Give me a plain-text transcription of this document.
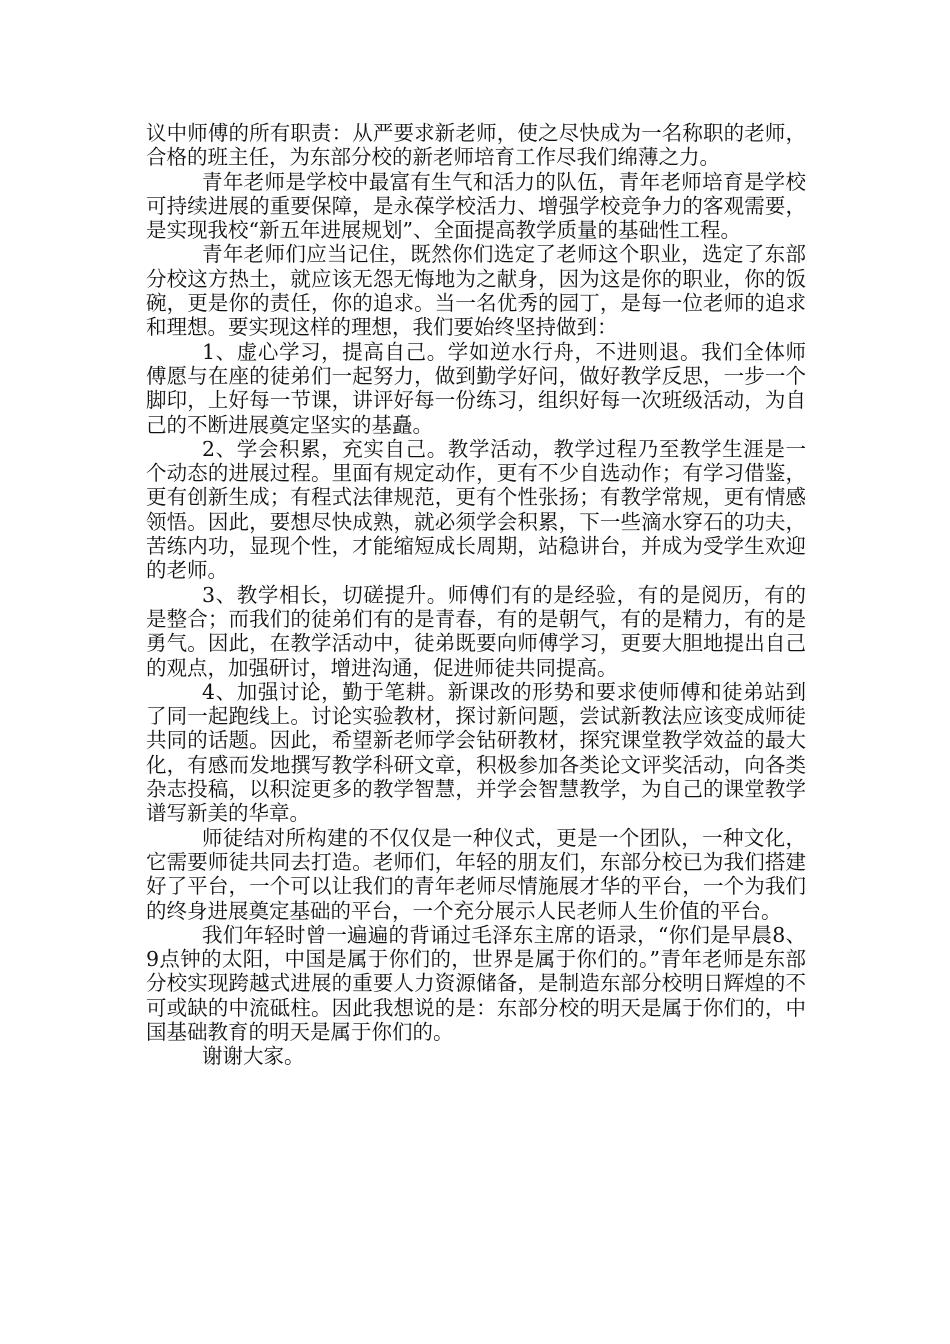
议中师傅的所有职责：从严要求新老师，使之尽快成为一名称职的老师，合格的班主任，为东部分校的新老师培育工作尽我们绵薄之力。

青年老师是学校中最富有生气和活力的队伍，青年老师培育是学校可持续进展的重要保障，是永葆学校活力、增强学校竞争力的客观需要，是实现我校“新五年进展规划”、全面提高教学质量的基础性工程。

青年老师们应当记住，既然你们选定了老师这个职业，选定了东部分校这方热土，就应该无怨无悔地为之献身，因为这是你的职业，你的饭碗，更是你的责任，你的追求。当一名优秀的园丁，是每一位老师的追求和理想。要实现这样的理想，我们要始终坚持做到：

1、虚心学习，提高自己。学如逆水行舟，不进则退。我们全体师傅愿与在座的徒弟们一起努力，做到勤学好问，做好教学反思，一步一个脚印，上好每一节课，讲评好每一份练习，组织好每一次班级活动，为自己的不断进展奠定坚实的基矗。

2、学会积累，充实自己。教学活动，教学过程乃至教学生涯是一个动态的进展过程。里面有规定动作，更有不少自选动作；有学习借鉴，更有创新生成；有程式法律规范，更有个性张扬；有教学常规，更有情感领悟。因此，要想尽快成熟，就必须学会积累，下一些滴水穿石的功夫，苦练内功，显现个性，才能缩短成长周期，站稳讲台，并成为受学生欢迎的老师。

3、教学相长，切磋提升。师傅们有的是经验，有的是阅历，有的是整合；而我们的徒弟们有的是青春，有的是朝气，有的是精力，有的是勇气。因此，在教学活动中，徒弟既要向师傅学习，更要大胆地提出自己的观点，加强研讨，增进沟通，促进师徒共同提高。

4、加强讨论，勤于笔耕。新课改的形势和要求使师傅和徒弟站到了同一起跑线上。讨论实验教材，探讨新问题，尝试新教法应该变成师徒共同的话题。因此，希望新老师学会钻研教材，探究课堂教学效益的最大化，有感而发地撰写教学科研文章，积极参加各类论文评奖活动，向各类杂志投稿，以积淀更多的教学智慧，并学会智慧教学，为自己的课堂教学谱写新美的华章。

师徒结对所构建的不仅仅是一种仪式，更是一个团队，一种文化，它需要师徒共同去打造。老师们，年轻的朋友们，东部分校已为我们搭建好了平台，一个可以让我们的青年老师尽情施展才华的平台，一个为我们的终身进展奠定基础的平台，一个充分展示人民老师人生价值的平台。

我们年轻时曾一遍遍的背诵过毛泽东主席的语录，“你们是早晨8、9点钟的太阳，中国是属于你们的，世界是属于你们的。”青年老师是东部分校实现跨越式进展的重要人力资源储备，是制造东部分校明日辉煌的不可或缺的中流砥柱。因此我想说的是：东部分校的明天是属于你们的，中国基础教育的明天是属于你们的。

谢谢大家。
